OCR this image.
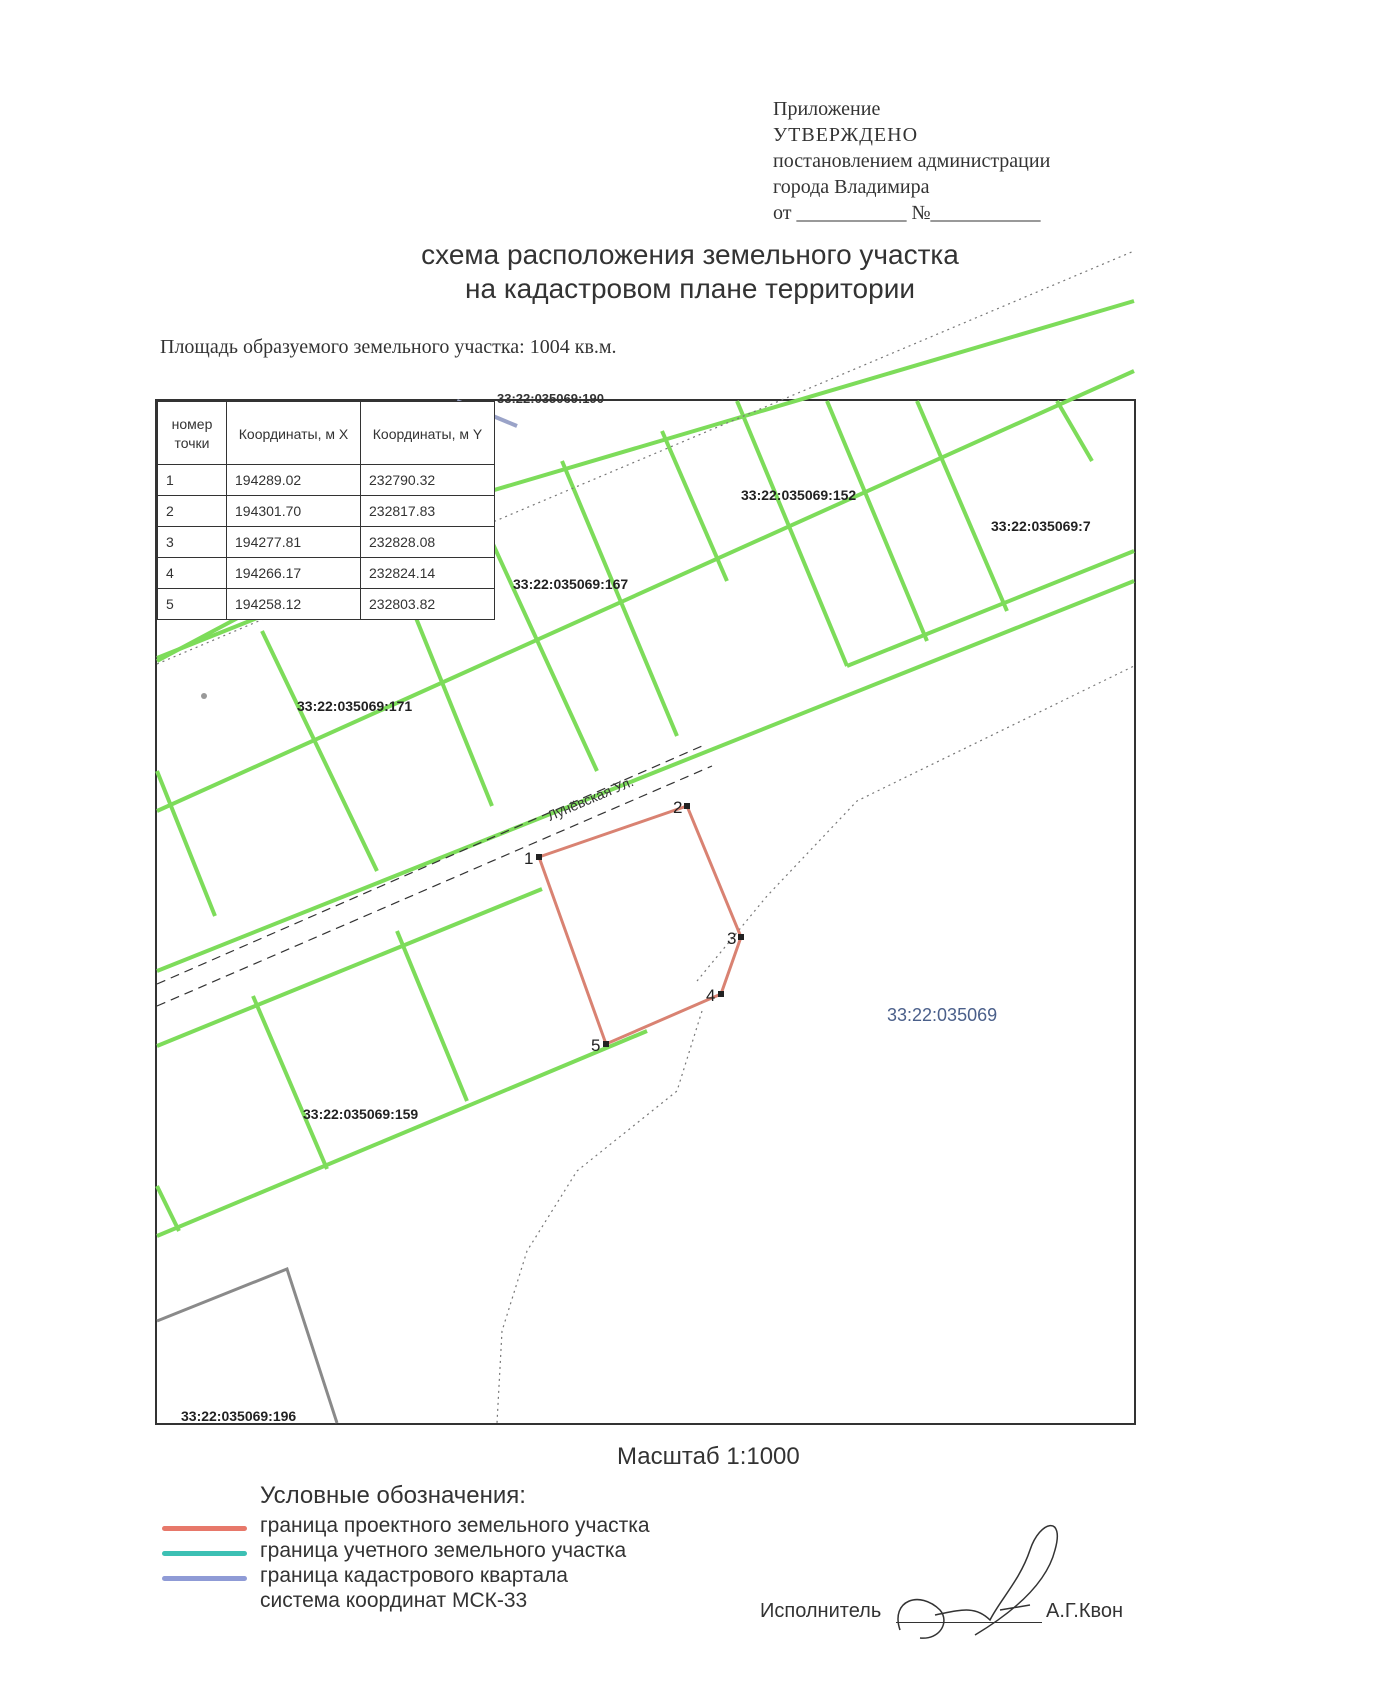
Приложение
УТВЕРЖДЕНО
постановлением администрации
города Владимира
от ___________ №___________
схема расположения земельного участка
на кадастровом плане территории
Площадь образуемого земельного участка: 1004 кв.м.
33:22:035069:190
1
2
3
4
5
Лунёвская Ул.
33:22:035069:152
33:22:035069:7
33:22:035069:167
33:22:035069:171
33:22:035069:159
33:22:035069:196
33:22:035069
номер точки	Координаты, м X	Координаты, м Y
1	194289.02	232790.32
2	194301.70	232817.83
3	194277.81	232828.08
4	194266.17	232824.14
5	194258.12	232803.82
Масштаб 1:1000
Условные обозначения:
граница проектного земельного участка
граница учетного земельного участка
граница кадастрового квартала
система координат МСК-33	Исполнитель	А.Г.Квон
